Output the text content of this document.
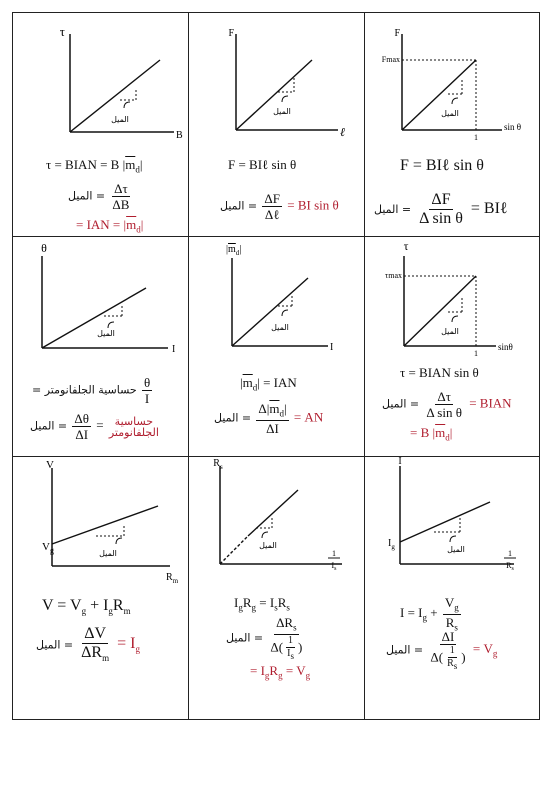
τ
B
الميل
τ = BIAN = B $|\overline{m}_d|$
الميل = $\frac{\Delta\tau}{\Delta B}$
= IAN = $|\overline{m}_d|$
F
ℓ
الميل
F = BIℓ sin θ
الميل = $\frac{\Delta F}{\text{Δℓ}}$ = BI sin θ
F
Fmax
1
sin θ
الميل
F = BIℓ sin θ
الميل = $\frac{\Delta F}{\text{Δ sin θ}}$ = BIℓ
θ
I
الميل
= حساسية الجلفانومتر $\frac{\theta}{I}$
الميل = $\frac{\Delta\theta}{\Delta I}$ = حساسية
الجلفانومتر
$|m_d|$
I
الميل
$|\overline{m}_d|$ = IAN
الميل = $\frac{\Delta|\overline{m}_d|}{\Delta I}$ = AN
τ
τmax
1
sinθ
الميل
τ = BIAN sin θ
الميل = $\frac{\Delta\tau}{\text{Δ sin θ}}$ = BIAN
= B $|\overline{m}_d|$
V
$V_g$
$R_m$
الميل
$V = V_g + I_gR_m$
الميل = $\frac{\Delta V}{\Delta R_m} = I_g$
$R_s$
1
$I_s$
الميل
$I_gR_g = I_sR_s$
الميل = $\frac{\Delta R_s}{\Delta( \frac{1}{I_s} )}$
= $I_gR_g = V_g$
I
$I_g$
1
$R_s$
الميل
$I = I_g + \frac{V_g}{R_s}$
الميل = $\frac{\Delta I}{\Delta( \frac{1}{R_s} )} = V_g$
